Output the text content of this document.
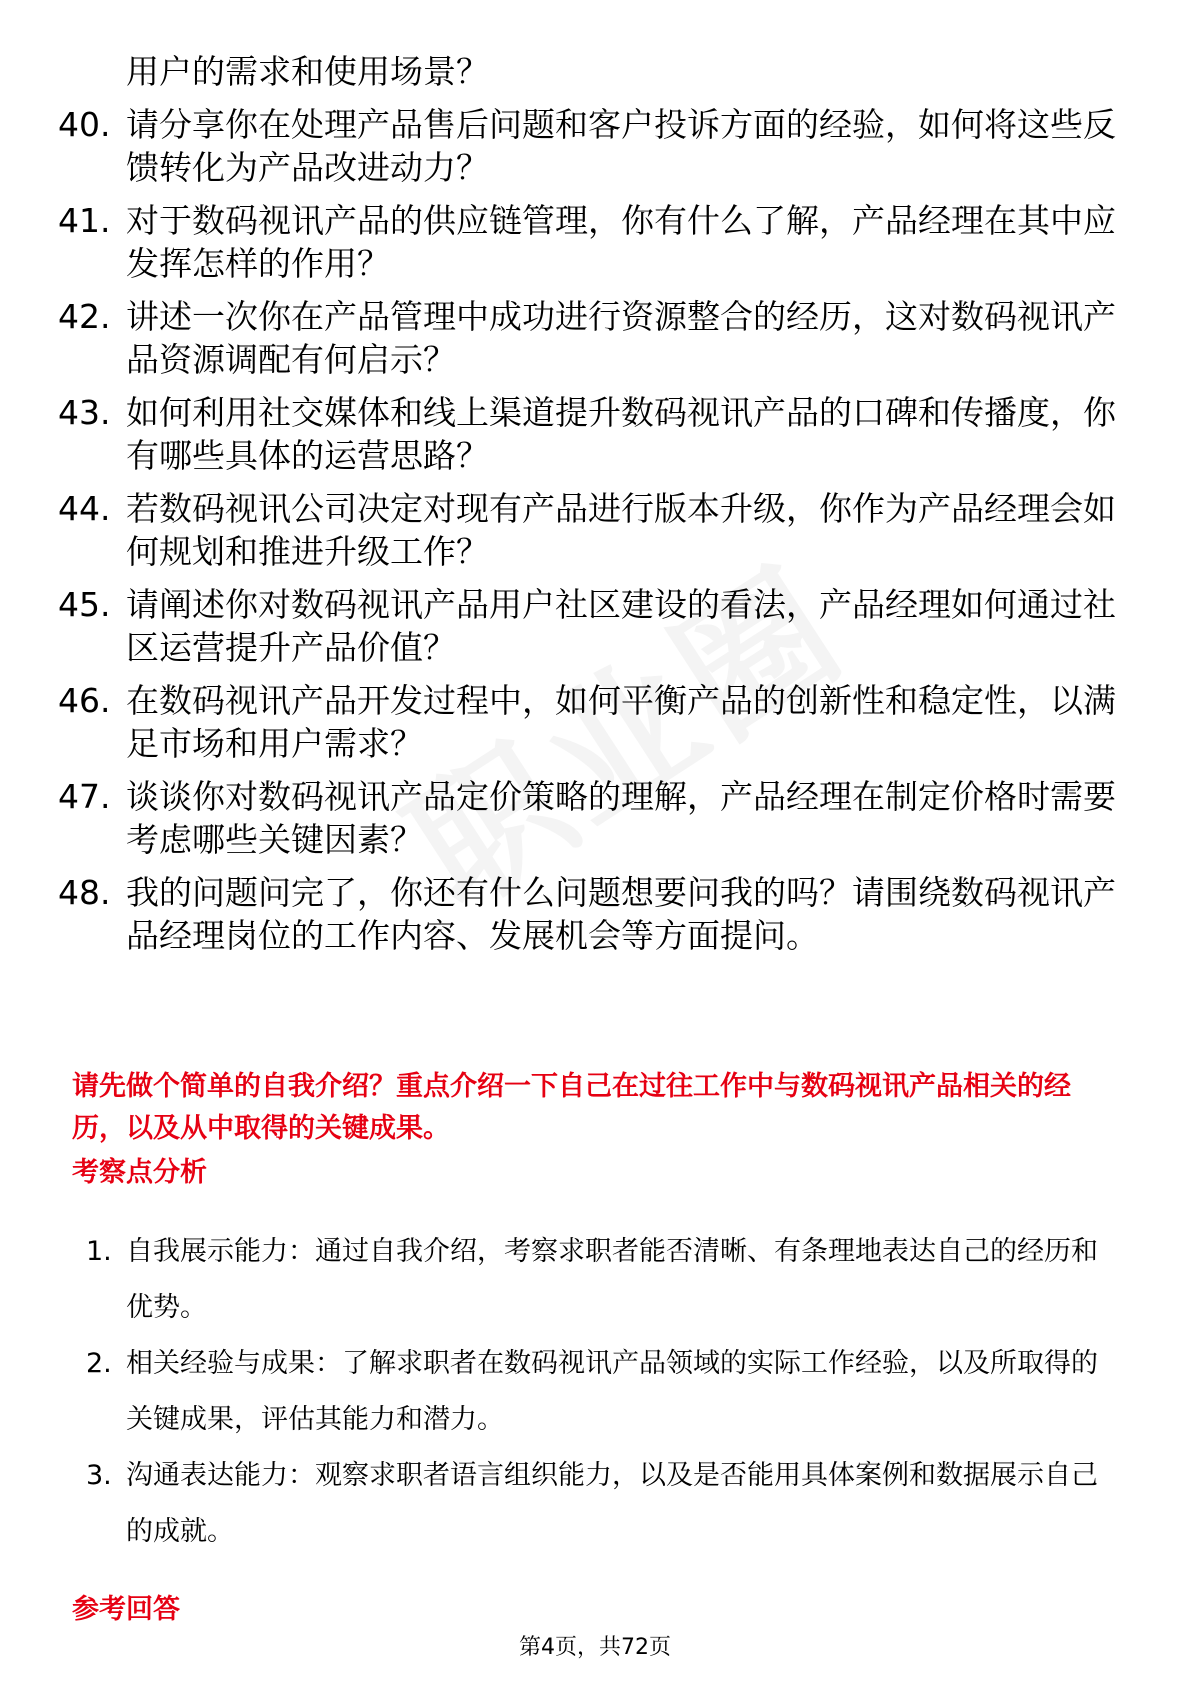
用户的需求和使用场景？
40. 请分享你在处理产品售后问题和客户投诉方面的经验，如何将这些反馈转化为产品改进动力？
41. 对于数码视讯产品的供应链管理，你有什么了解，产品经理在其中应发挥怎样的作用？
42. 讲述一次你在产品管理中成功进行资源整合的经历，这对数码视讯产品资源调配有何启示？
43. 如何利用社交媒体和线上渠道提升数码视讯产品的口碑和传播度，你有哪些具体的运营思路？
44. 若数码视讯公司决定对现有产品进行版本升级，你作为产品经理会如何规划和推进升级工作？
45. 请阐述你对数码视讯产品用户社区建设的看法，产品经理如何通过社区运营提升产品价值？
46. 在数码视讯产品开发过程中，如何平衡产品的创新性和稳定性，以满足市场和用户需求？
47. 谈谈你对数码视讯产品定价策略的理解，产品经理在制定价格时需要考虑哪些关键因素？
48. 我的问题问完了，你还有什么问题想要问我的吗？请围绕数码视讯产品经理岗位的工作内容、发展机会等方面提问。
请先做个简单的自我介绍？重点介绍一下自己在过往工作中与数码视讯产品相关的经历，以及从中取得的关键成果。
考察点分析
1. 自我展示能力：通过自我介绍，考察求职者能否清晰、有条理地表达自己的经历和优势。
2. 相关经验与成果：了解求职者在数码视讯产品领域的实际工作经验，以及所取得的关键成果，评估其能力和潜力。
3. 沟通表达能力：观察求职者语言组织能力，以及是否能用具体案例和数据展示自己的成就。
参考回答
第4页，共72页
